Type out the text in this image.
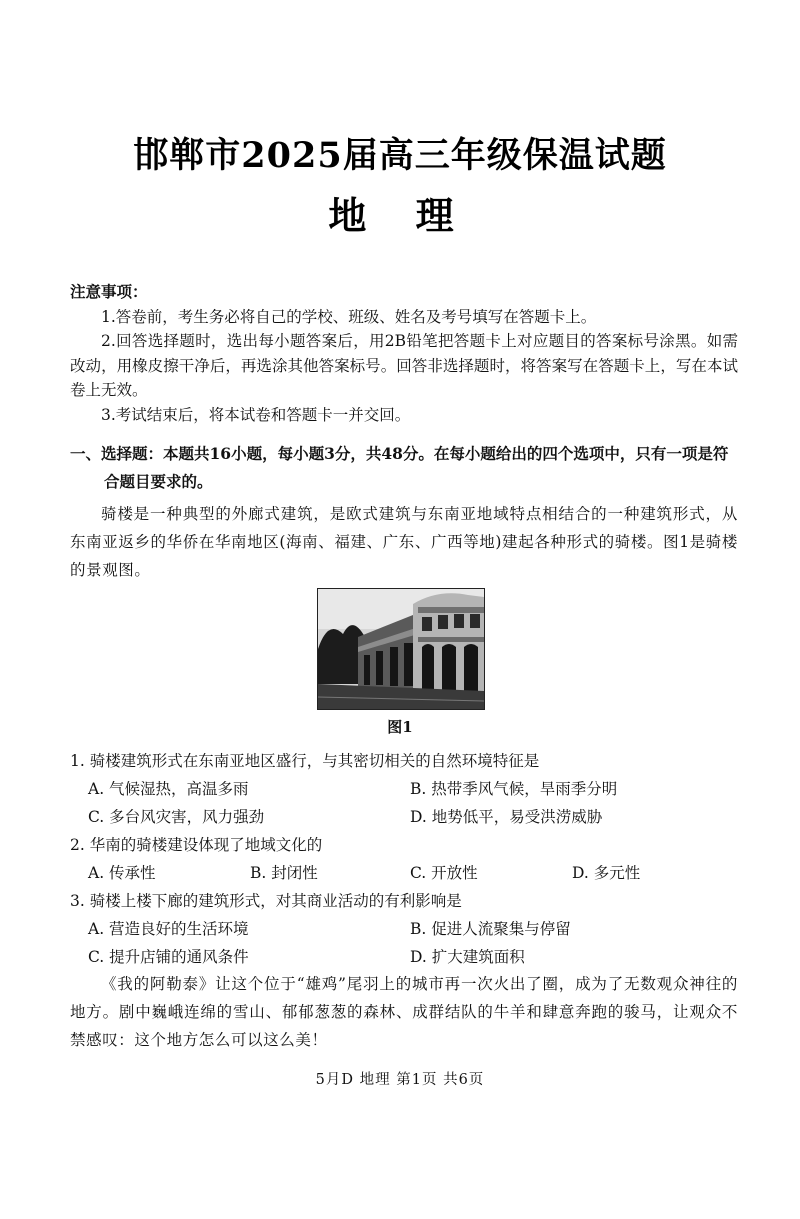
邯郸市2025届高三年级保温试题
地 理
注意事项：

1.答卷前，考生务必将自己的学校、班级、姓名及考号填写在答题卡上。

2.回答选择题时，选出每小题答案后，用2B铅笔把答题卡上对应题目的答案标号涂黑。如需改动，用橡皮擦干净后，再选涂其他答案标号。回答非选择题时，将答案写在答题卡上，写在本试卷上无效。

3.考试结束后，将本试卷和答题卡一并交回。

一、选择题：本题共16小题，每小题3分，共48分。在每小题给出的四个选项中，只有一项是符
合题目要求的。
骑楼是一种典型的外廊式建筑，是欧式建筑与东南亚地域特点相结合的一种建筑形式，从东南亚返乡的华侨在华南地区(海南、福建、广东、广西等地)建起各种形式的骑楼。图1是骑楼的景观图。
图1
1. 骑楼建筑形式在东南亚地区盛行，与其密切相关的自然环境特征是
A. 气候湿热，高温多雨	B. 热带季风气候，旱雨季分明
C. 多台风灾害，风力强劲	D. 地势低平，易受洪涝威胁
2. 华南的骑楼建设体现了地域文化的
A. 传承性	B. 封闭性	C. 开放性	D. 多元性
3. 骑楼上楼下廊的建筑形式，对其商业活动的有利影响是
A. 营造良好的生活环境	B. 促进人流聚集与停留
C. 提升店铺的通风条件	D. 扩大建筑面积
《我的阿勒泰》让这个位于“雄鸡”尾羽上的城市再一次火出了圈，成为了无数观众神往的地方。剧中巍峨连绵的雪山、郁郁葱葱的森林、成群结队的牛羊和肆意奔跑的骏马，让观众不禁感叹：这个地方怎么可以这么美！
5月D 地理 第1页 共6页
